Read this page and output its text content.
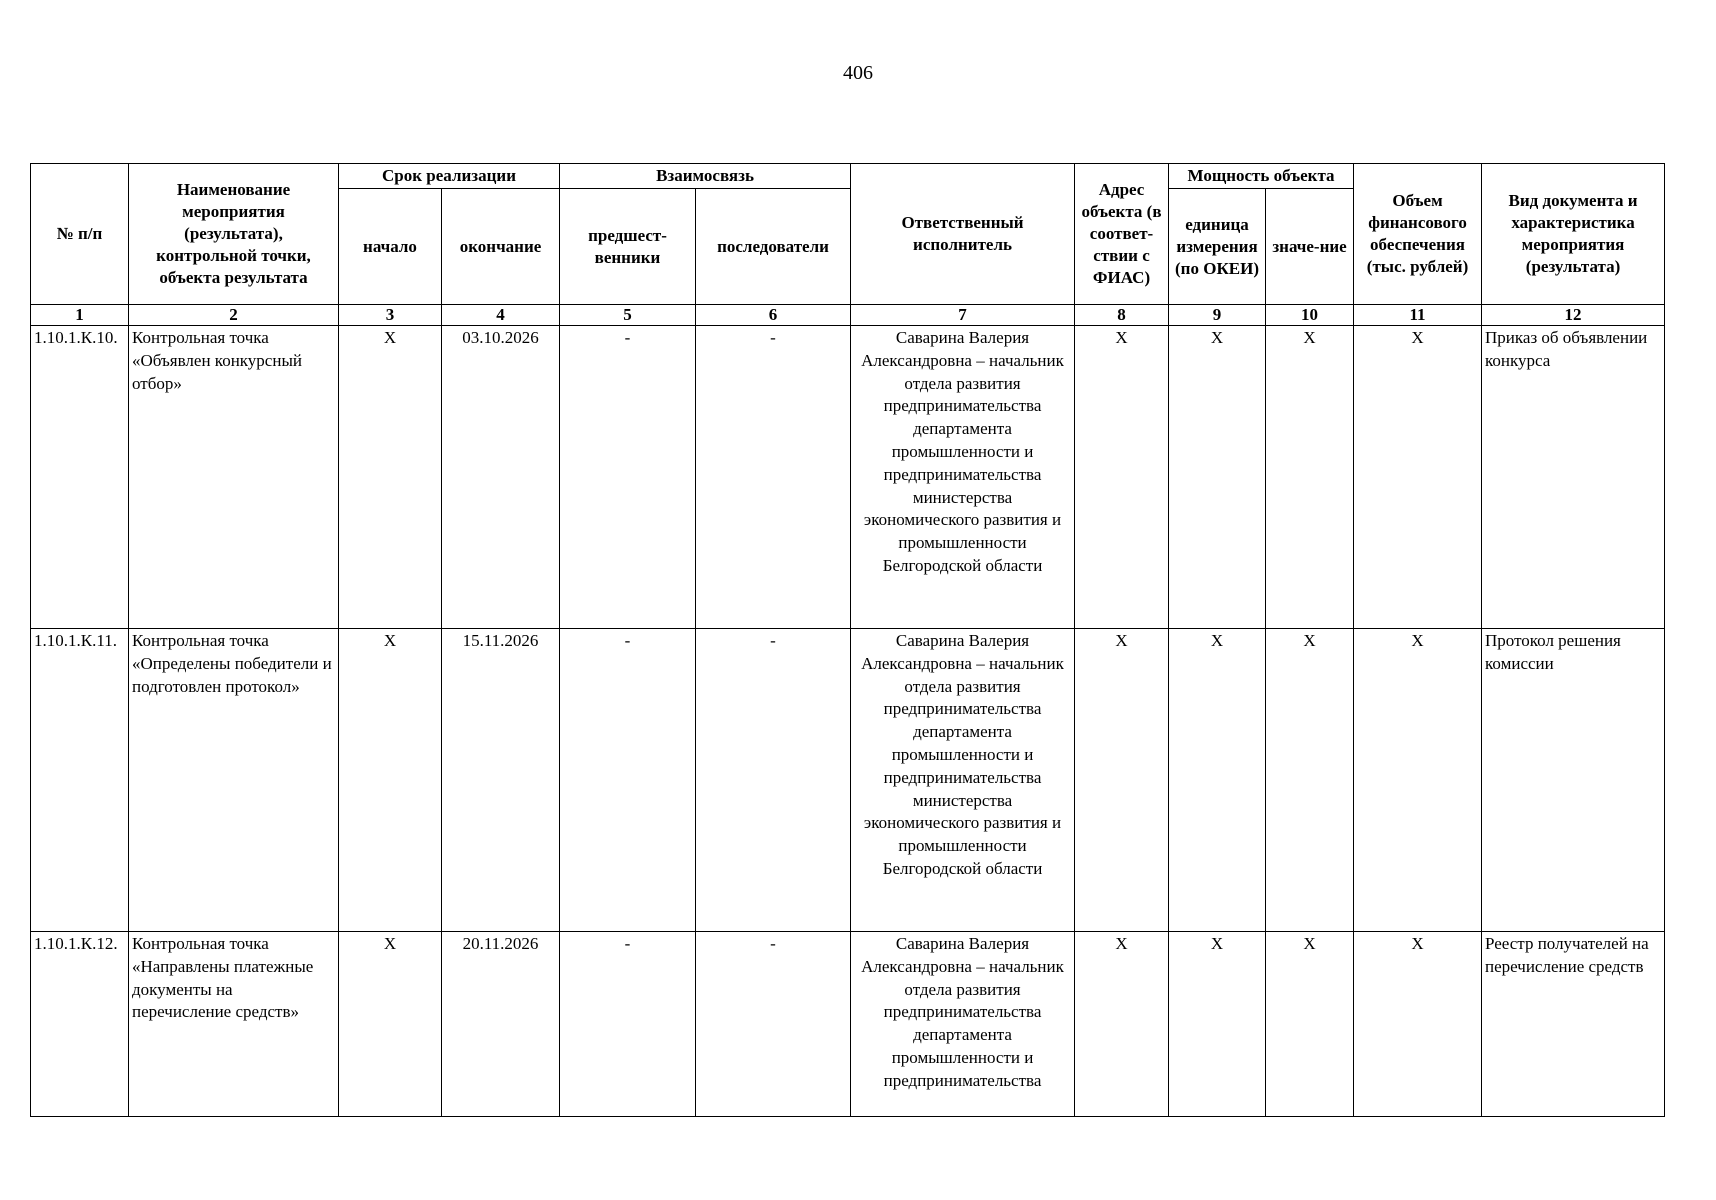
406
№ п/п	Наименование мероприятия (результата), контрольной точки, объекта результата	Срок реализации		Взаимосвязь		Ответственный исполнитель	Адрес объекта (в соответ-ствии с ФИАС)	Мощность объекта		Объем финансового обеспечения (тыс. рублей)	Вид документа и характеристика мероприятия (результата)
		начало	окончание	предшест-венники	последователи			единица измерения (по ОКЕИ)	значе-ние		
1	2	3	4	5	6	7	8	9	10	11	12
1.10.1.К.10.	Контрольная точка «Объявлен конкурсный отбор»	X	03.10.2026	-	-	Саварина Валерия Александровна – начальник отдела развития предпринимательства департамента промышленности и предпринимательства министерства экономического развития и промышленности Белгородской области	X	X	X	X	Приказ об объявлении конкурса
1.10.1.К.11.	Контрольная точка «Определены победители и подготовлен протокол»	X	15.11.2026	-	-	Саварина Валерия Александровна – начальник отдела развития предпринимательства департамента промышленности и предпринимательства министерства экономического развития и промышленности Белгородской области	X	X	X	X	Протокол решения комиссии
1.10.1.К.12.	Контрольная точка «Направлены платежные документы на перечисление средств»	X	20.11.2026	-	-	Саварина Валерия Александровна – начальник отдела развития предпринимательства департамента промышленности и предпринимательства	X	X	X	X	Реестр получателей на перечисление средств
